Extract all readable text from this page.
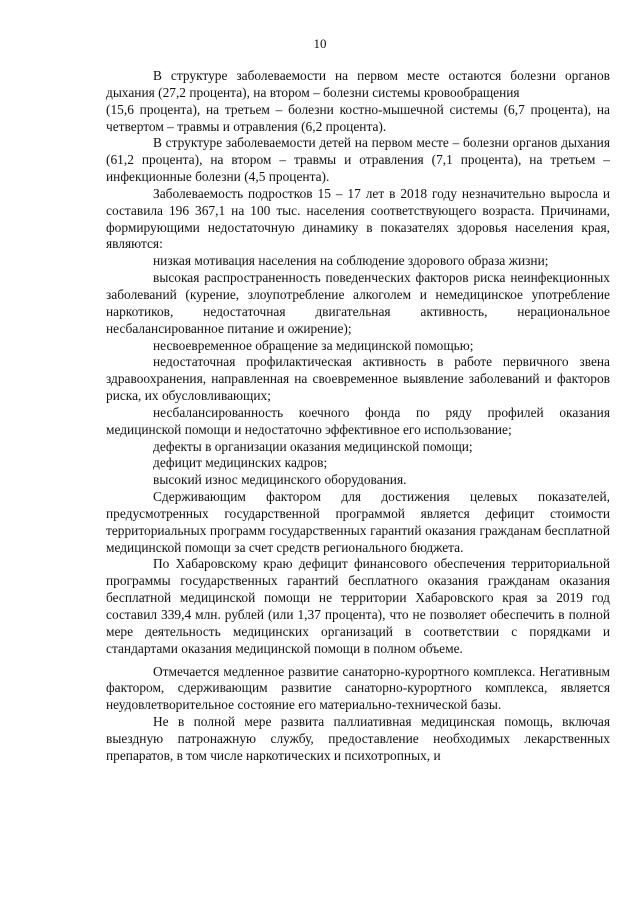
10

В структуре заболеваемости на первом месте остаются болезни органов дыхания (27,2 процента), на втором – болезни системы кровообращения

(15,6 процента), на третьем – болезни костно-мышечной системы (6,7 процента), на четвертом – травмы и отравления (6,2 процента).

В структуре заболеваемости детей на первом месте – болезни органов дыхания (61,2 процента), на втором – травмы и отравления (7,1 процента), на третьем – инфекционные болезни (4,5 процента).

Заболеваемость подростков 15 – 17 лет в 2018 году незначительно выросла и составила 196 367,1 на 100 тыс. населения соответствующего возраста. Причинами, формирующими недостаточную динамику в показателях здоровья населения края, являются:

низкая мотивация населения на соблюдение здорового образа жизни;

высокая распространенность поведенческих факторов риска неинфекционных заболеваний (курение, злоупотребление алкоголем и немедицинское употребление наркотиков, недостаточная двигательная активность, нерациональное несбалансированное питание и ожирение);

несвоевременное обращение за медицинской помощью;

недостаточная профилактическая активность в работе первичного звена здравоохранения, направленная на своевременное выявление заболеваний и факторов риска, их обусловливающих;

несбалансированность коечного фонда по ряду профилей оказания медицинской помощи и недостаточно эффективное его использование;

дефекты в организации оказания медицинской помощи;

дефицит медицинских кадров;

высокий износ медицинского оборудования.

Сдерживающим фактором для достижения целевых показателей, предусмотренных государственной программой является дефицит стоимости территориальных программ государственных гарантий оказания гражданам бесплатной медицинской помощи за счет средств регионального бюджета.

По Хабаровскому краю дефицит финансового обеспечения территориальной программы государственных гарантий бесплатного оказания гражданам оказания бесплатной медицинской помощи не территории Хабаровского края за 2019 год составил 339,4 млн. рублей (или 1,37 процента), что не позволяет обеспечить в полной мере деятельность медицинских организаций в соответствии с порядками и стандартами оказания медицинской помощи в полном объеме.

Отмечается медленное развитие санаторно-курортного комплекса. Негативным фактором, сдерживающим развитие санаторно-курортного комплекса, является неудовлетворительное состояние его материально-технической базы.

Не в полной мере развита паллиативная медицинская помощь, включая выездную патронажную службу, предоставление необходимых лекарственных препаратов, в том числе наркотических и психотропных, и
